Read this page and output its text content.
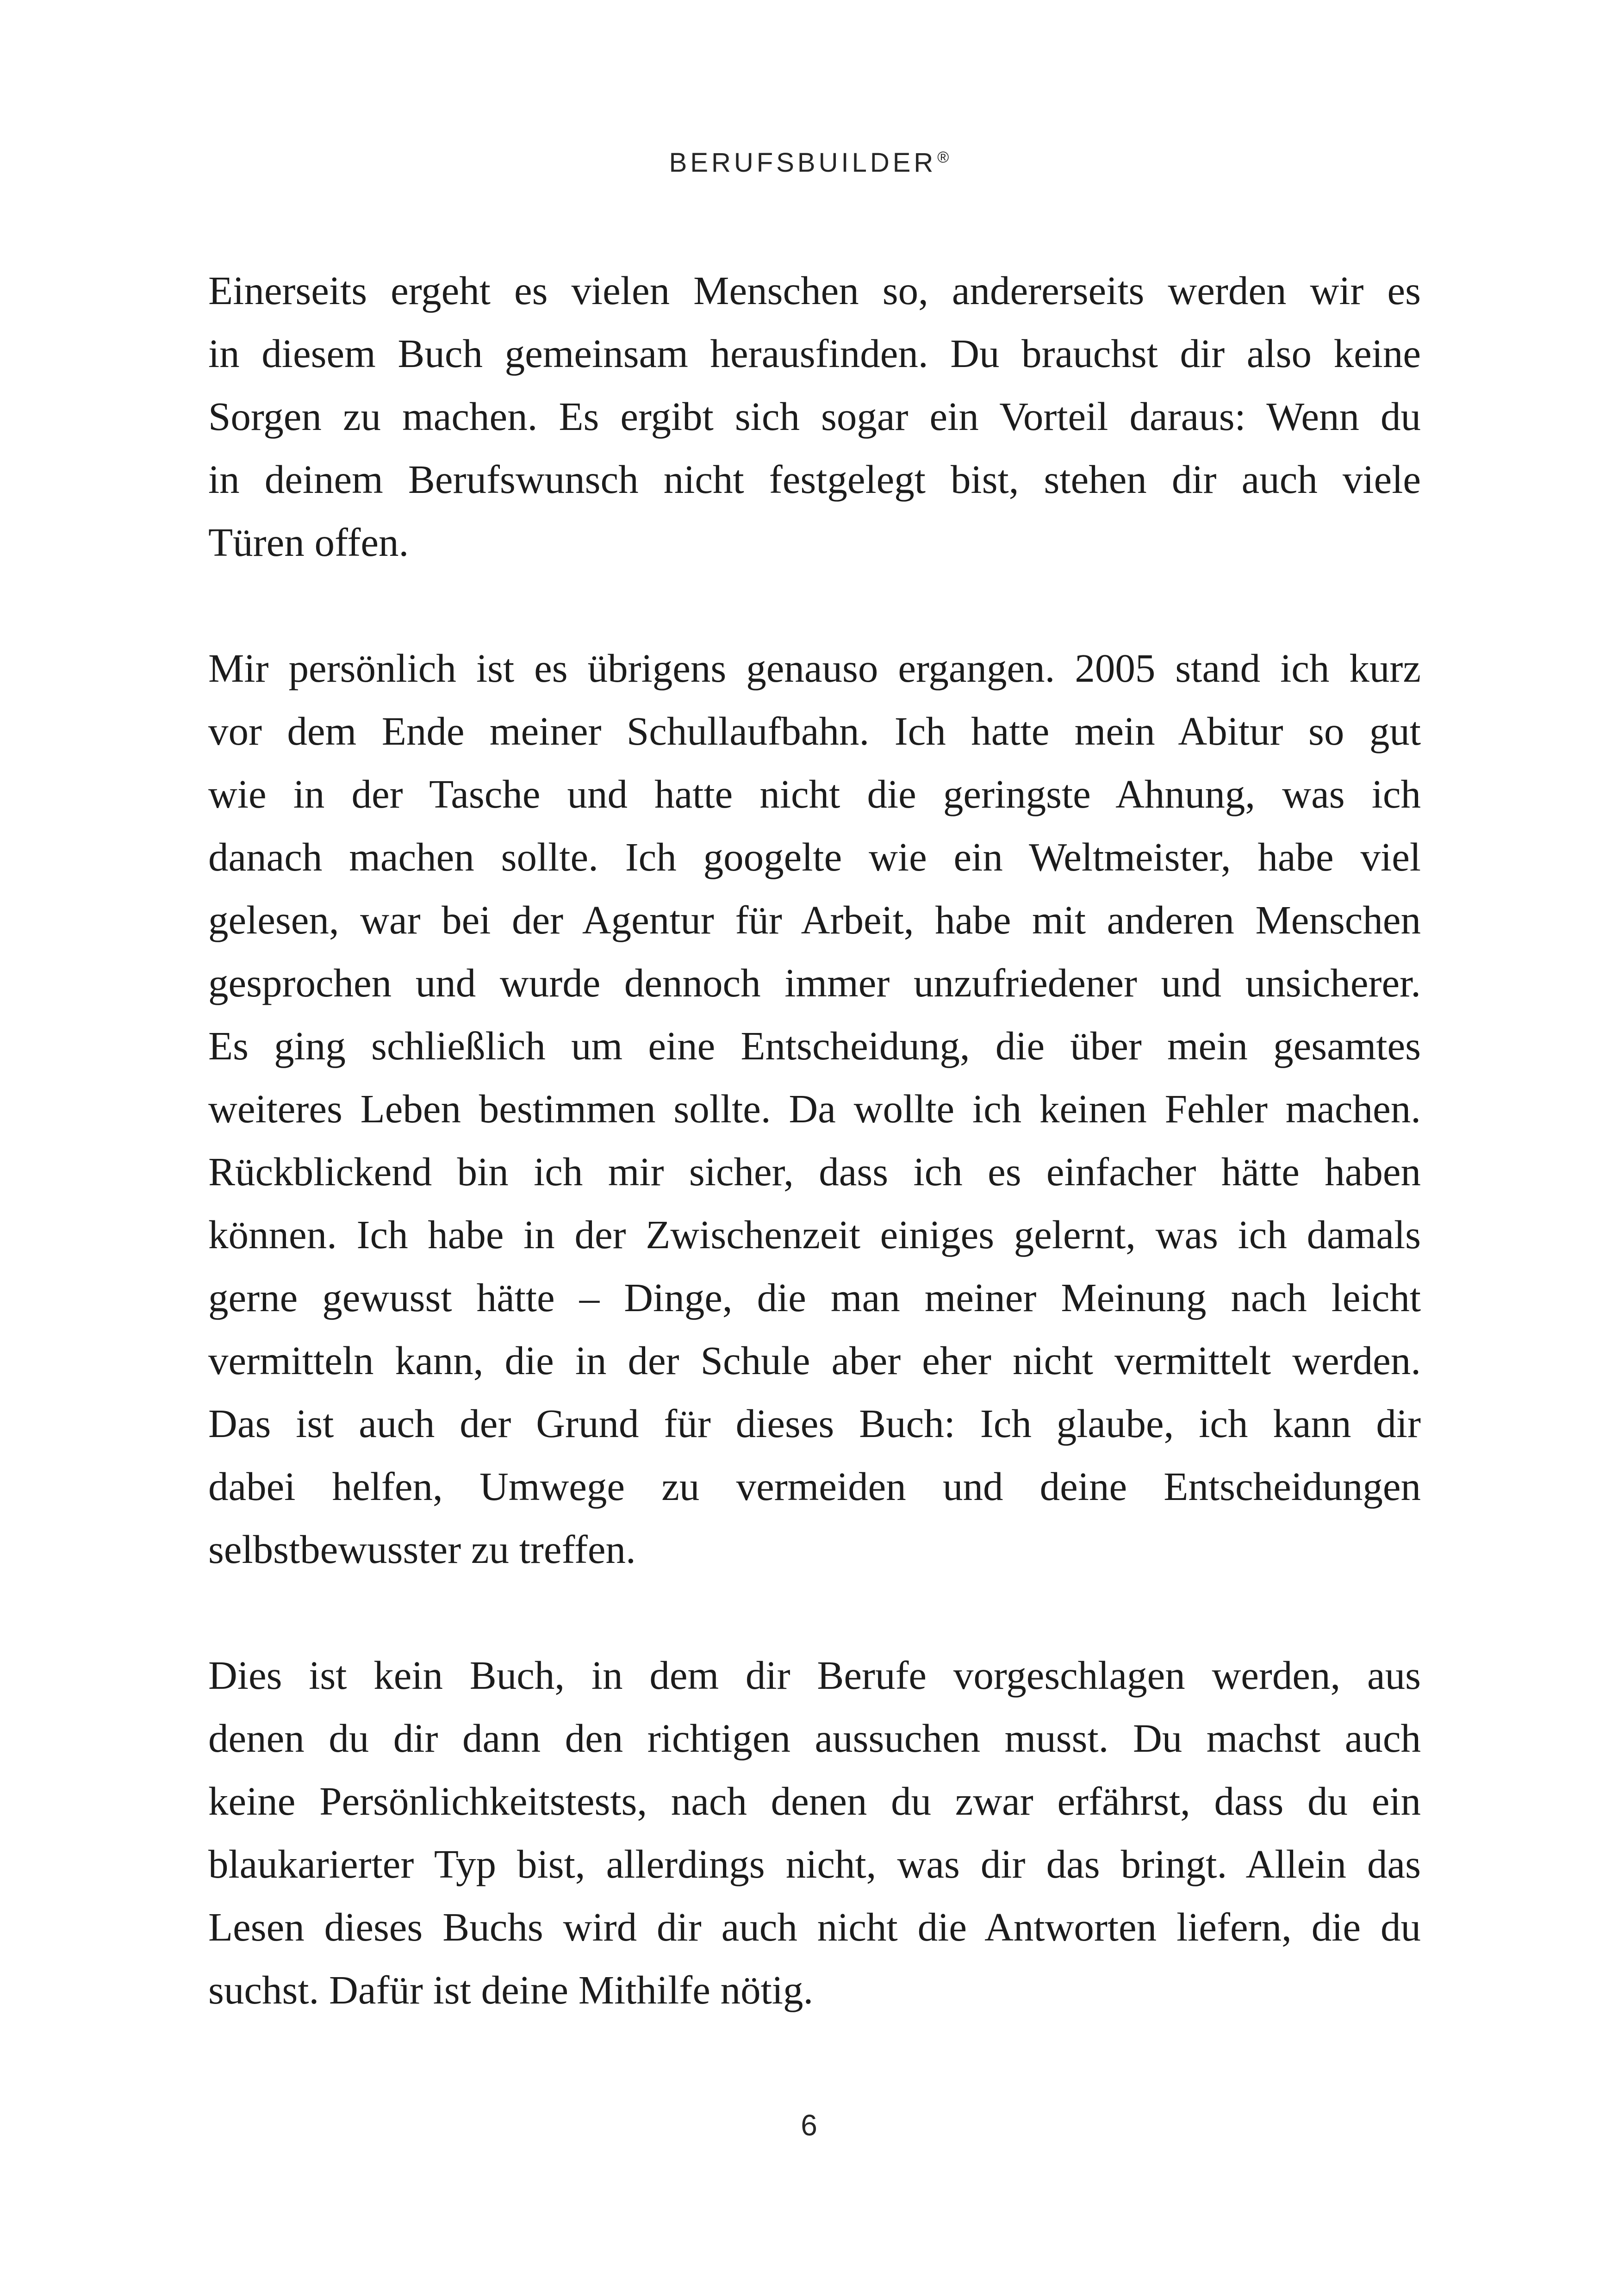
BERUFSBUILDER®
Einerseits ergeht es vielen Menschen so, andererseits werden wir es
in diesem Buch gemeinsam herausfinden. Du brauchst dir also keine
Sorgen zu machen. Es ergibt sich sogar ein Vorteil daraus: Wenn du
in deinem Berufswunsch nicht festgelegt bist, stehen dir auch viele
Türen offen.
Mir persönlich ist es übrigens genauso ergangen. 2005 stand ich kurz
vor dem Ende meiner Schullaufbahn. Ich hatte mein Abitur so gut
wie in der Tasche und hatte nicht die geringste Ahnung, was ich
danach machen sollte. Ich googelte wie ein Weltmeister, habe viel
gelesen, war bei der Agentur für Arbeit, habe mit anderen Menschen
gesprochen und wurde dennoch immer unzufriedener und unsicherer.
Es ging schließlich um eine Entscheidung, die über mein gesamtes
weiteres Leben bestimmen sollte. Da wollte ich keinen Fehler machen.
Rückblickend bin ich mir sicher, dass ich es einfacher hätte haben
können. Ich habe in der Zwischenzeit einiges gelernt, was ich damals
gerne gewusst hätte – Dinge, die man meiner Meinung nach leicht
vermitteln kann, die in der Schule aber eher nicht vermittelt werden.
Das ist auch der Grund für dieses Buch: Ich glaube, ich kann dir
dabei helfen, Umwege zu vermeiden und deine Entscheidungen
selbstbewusster zu treffen.
Dies ist kein Buch, in dem dir Berufe vorgeschlagen werden, aus
denen du dir dann den richtigen aussuchen musst. Du machst auch
keine Persönlichkeitstests, nach denen du zwar erfährst, dass du ein
blaukarierter Typ bist, allerdings nicht, was dir das bringt. Allein das
Lesen dieses Buchs wird dir auch nicht die Antworten liefern, die du
suchst. Dafür ist deine Mithilfe nötig.
6
